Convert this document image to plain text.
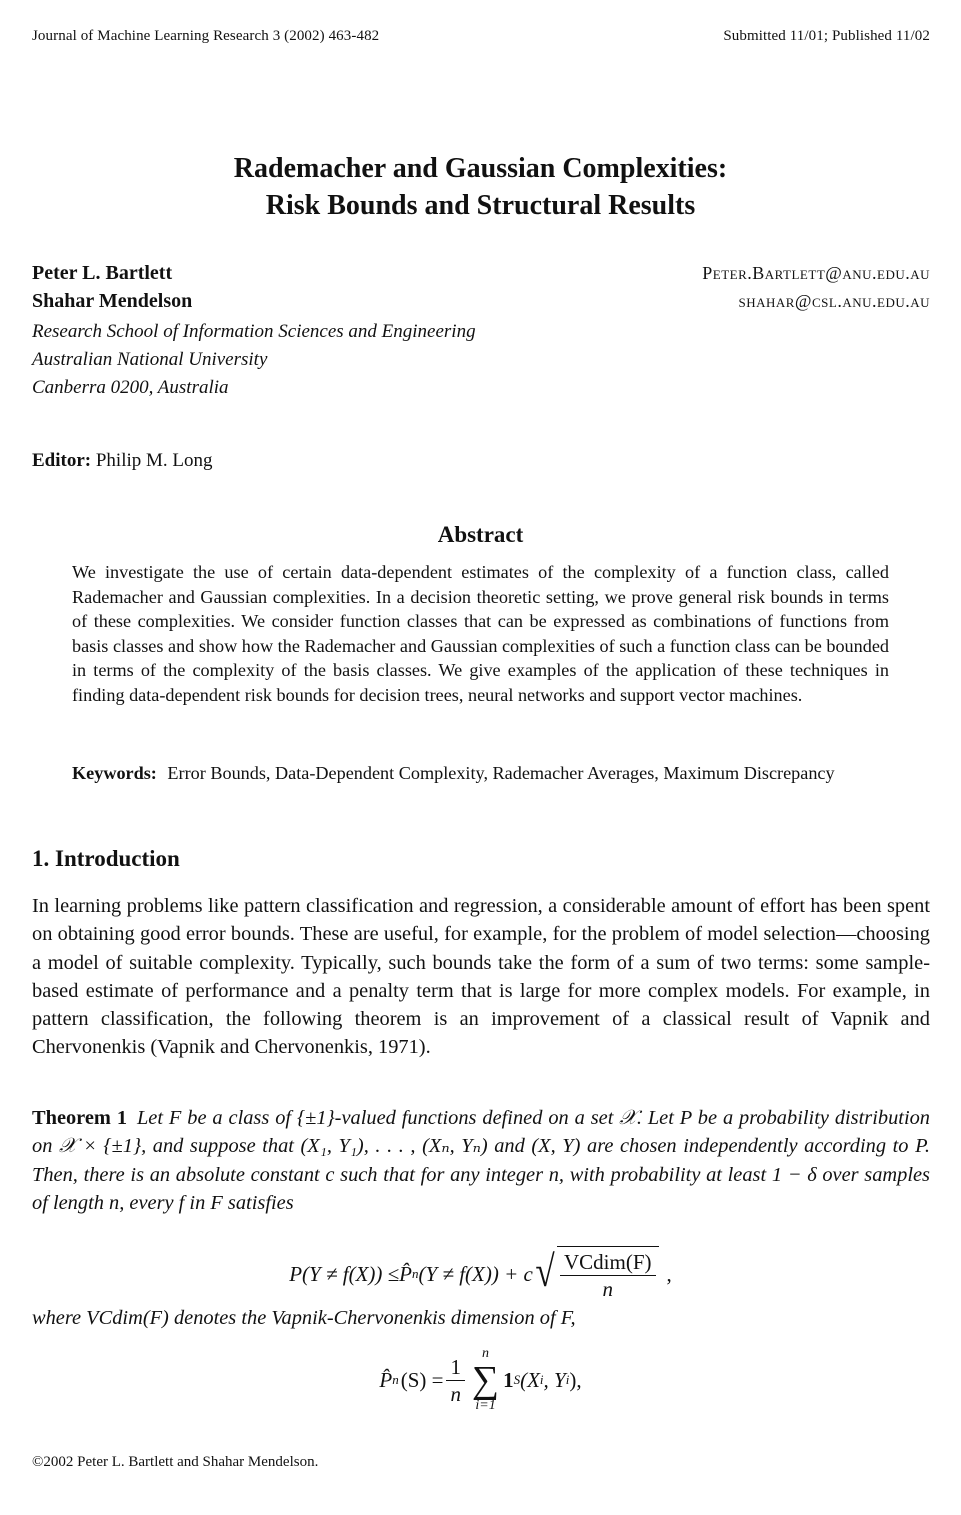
Journal of Machine Learning Research 3 (2002) 463-482	Submitted 11/01; Published 11/02
Rademacher and Gaussian Complexities:
Risk Bounds and Structural Results
Peter L. Bartlett	Peter.Bartlett@anu.edu.au
Shahar Mendelson	shahar@csl.anu.edu.au
Research School of Information Sciences and Engineering
Australian National University
Canberra 0200, Australia
Editor: Philip M. Long
Abstract
We investigate the use of certain data-dependent estimates of the complexity of a function class, called Rademacher and Gaussian complexities. In a decision theoretic setting, we prove general risk bounds in terms of these complexities. We consider function classes that can be expressed as combinations of functions from basis classes and show how the Rademacher and Gaussian complexities of such a function class can be bounded in terms of the complexity of the basis classes. We give examples of the application of these techniques in finding data-dependent risk bounds for decision trees, neural networks and support vector machines.
Keywords: Error Bounds, Data-Dependent Complexity, Rademacher Averages, Maximum Discrepancy
1. Introduction
In learning problems like pattern classification and regression, a considerable amount of effort has been spent on obtaining good error bounds. These are useful, for example, for the problem of model selection—choosing a model of suitable complexity. Typically, such bounds take the form of a sum of two terms: some sample-based estimate of performance and a penalty term that is large for more complex models. For example, in pattern classification, the following theorem is an improvement of a classical result of Vapnik and Chervonenkis (Vapnik and Chervonenkis, 1971).
Theorem 1 Let F be a class of {±1}-valued functions defined on a set 𝒳. Let P be a probability distribution on 𝒳 × {±1}, and suppose that (X₁, Y₁), . . . , (Xₙ, Yₙ) and (X, Y) are chosen independently according to P. Then, there is an absolute constant c such that for any integer n, with probability at least 1 − δ over samples of length n, every f in F satisfies
P(Y ≠ f(X)) ≤ P̂ n (Y ≠ f(X)) + c √ $\frac{\text{VCdim(F)}}{n}$ ,
where VCdim(F) denotes the Vapnik-Chervonenkis dimension of F,
P̂ n $(S) = \frac{1}{n}$ n
∑
i=1
1 S (X i , Y i ),
©2002 Peter L. Bartlett and Shahar Mendelson.
